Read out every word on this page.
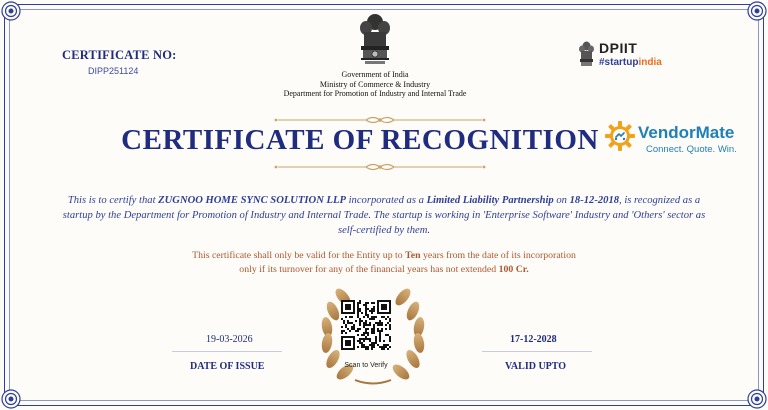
CERTIFICATE NO:
DIPP251124	Government of India
Ministry of Commerce & Industry
Department for Promotion of Industry and Internal Trade
DPIIT
#startupindia
CERTIFICATE OF RECOGNITION	VendorMate
Connect. Quote. Win.
This is to certify that ZUGNOO HOME SYNC SOLUTION LLP incorporated as a Limited Liability Partnership on 18-12-2018, is recognized as a startup by the Department for Promotion of Industry and Internal Trade. The startup is working in 'Enterprise Software' Industry and 'Others' sector as self-certified by them.
This certificate shall only be valid for the Entity up to Ten years from the date of its incorporation
only if its turnover for any of the financial years has not extended 100 Cr.
19-03-2026
DATE OF ISSUE
17-12-2028
VALID UPTO
Scan to Verify
